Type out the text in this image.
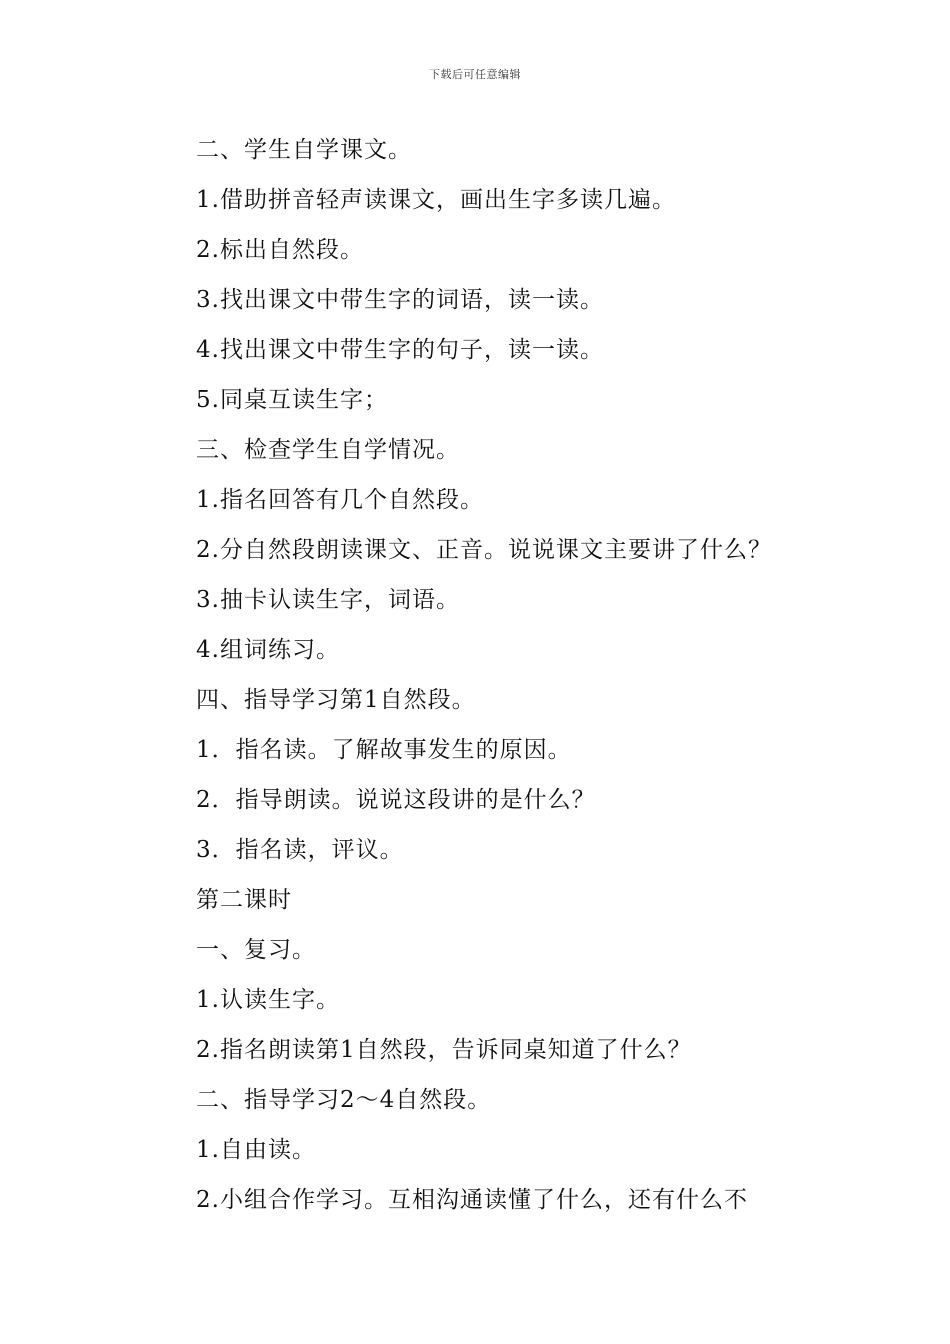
下载后可任意编辑
二、学生自学课文。
1.借助拼音轻声读课文，画出生字多读几遍。
2.标出自然段。
3.找出课文中带生字的词语，读一读。
4.找出课文中带生字的句子，读一读。
5.同桌互读生字；
三、检查学生自学情况。
1.指名回答有几个自然段。
2.分自然段朗读课文、正音。说说课文主要讲了什么？
3.抽卡认读生字，词语。
4.组词练习。
四、指导学习第1自然段。
1．指名读。了解故事发生的原因。
2．指导朗读。说说这段讲的是什么？
3．指名读，评议。
第二课时
一、复习。
1.认读生字。
2.指名朗读第1自然段，告诉同桌知道了什么？
二、指导学习2～4自然段。
1.自由读。
2.小组合作学习。互相沟通读懂了什么，还有什么不
